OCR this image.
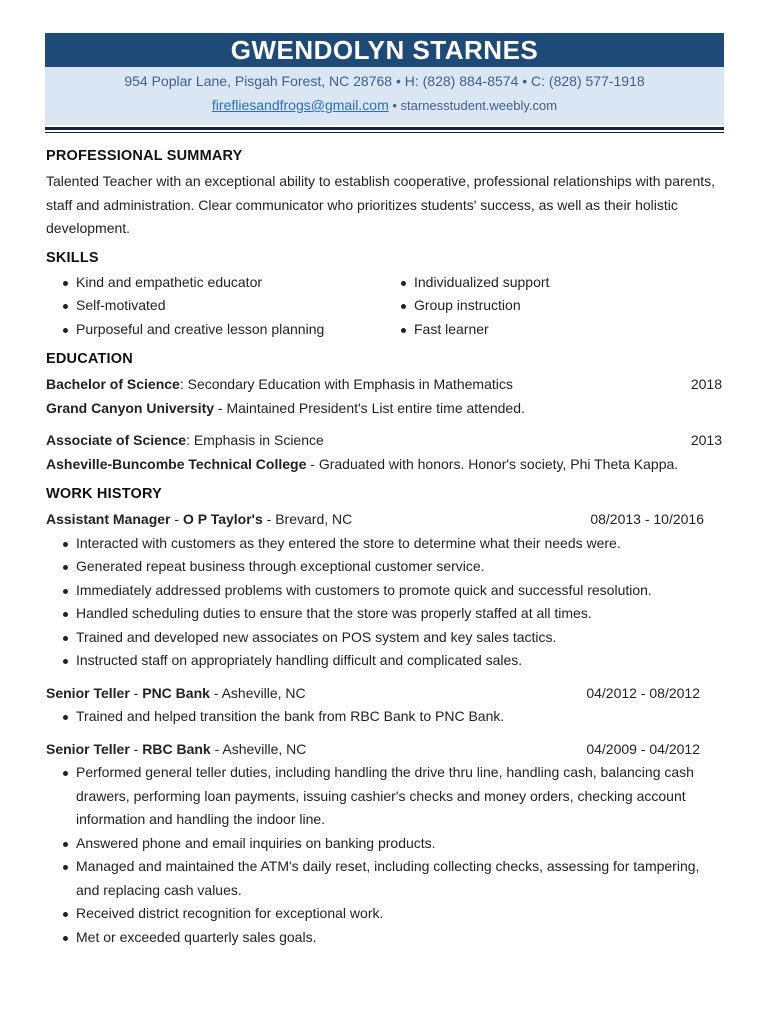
GWENDOLYN STARNES
954 Poplar Lane, Pisgah Forest, NC 28768 • H: (828) 884-8574 • C: (828) 577-1918
firefliesandfrogs@gmail.com • starnesstudent.weebly.com
PROFESSIONAL SUMMARY
Talented Teacher with an exceptional ability to establish cooperative, professional relationships with parents, staff and administration. Clear communicator who prioritizes students' success, as well as their holistic development.
SKILLS
Kind and empathetic educator
Self-motivated
Purposeful and creative lesson planning
Individualized support
Group instruction
Fast learner
EDUCATION
Bachelor of Science: Secondary Education with Emphasis in Mathematics	2018
Grand Canyon University - Maintained President's List entire time attended.
Associate of Science: Emphasis in Science	2013
Asheville-Buncombe Technical College - Graduated with honors. Honor's society, Phi Theta Kappa.
WORK HISTORY
Assistant Manager - O P Taylor's - Brevard, NC	08/2013 - 10/2016
Interacted with customers as they entered the store to determine what their needs were.
Generated repeat business through exceptional customer service.
Immediately addressed problems with customers to promote quick and successful resolution.
Handled scheduling duties to ensure that the store was properly staffed at all times.
Trained and developed new associates on POS system and key sales tactics.
Instructed staff on appropriately handling difficult and complicated sales.
Senior Teller - PNC Bank - Asheville, NC	04/2012 - 08/2012
Trained and helped transition the bank from RBC Bank to PNC Bank.
Senior Teller - RBC Bank - Asheville, NC	04/2009 - 04/2012
Performed general teller duties, including handling the drive thru line, handling cash, balancing cash drawers, performing loan payments, issuing cashier's checks and money orders, checking account information and handling the indoor line.
Answered phone and email inquiries on banking products.
Managed and maintained the ATM's daily reset, including collecting checks, assessing for tampering, and replacing cash values.
Received district recognition for exceptional work.
Met or exceeded quarterly sales goals.
